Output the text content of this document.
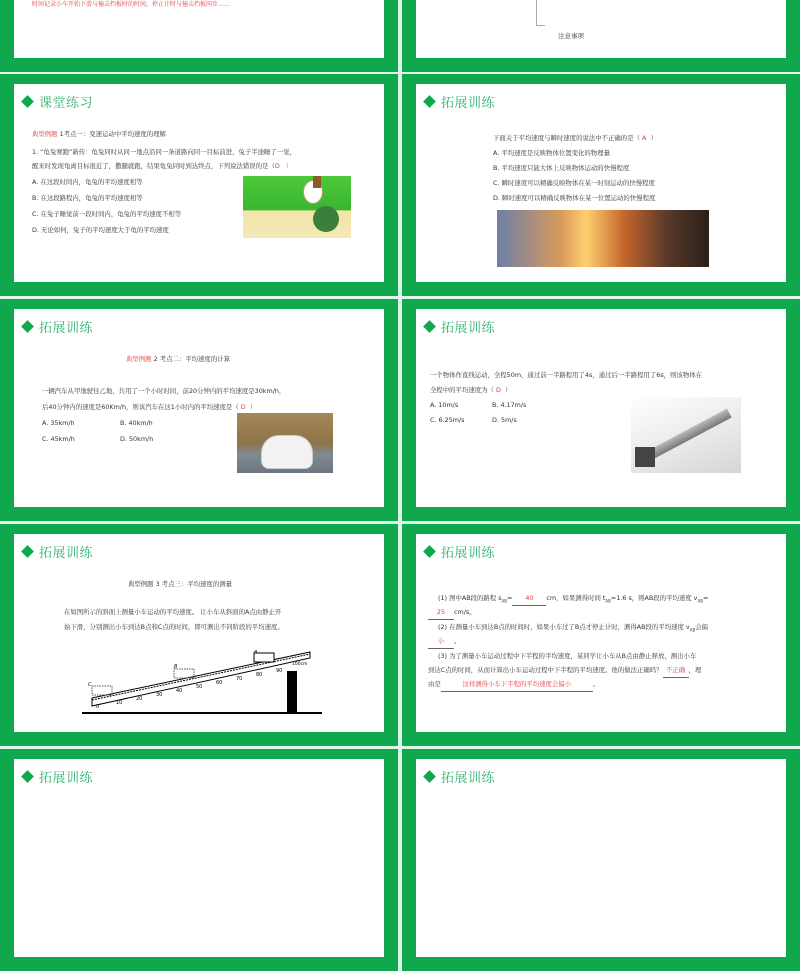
时间记录小车开始下滑与撞击挡板时的时间，停止计时与撞击挡板同步……
注意事项
课堂练习
典型例题 1考点一：变速运动中平均速度的理解
1. “龟兔赛跑”新传：龟兔同时从同一地点沿同一条道路向同一目标前进，兔子半途睡了一觉，
醒来时发现龟离目标很近了，撒腿就跑，结果龟兔同时到达终点，下列说法错误的是（D   ）
A. 在这段时间内，龟兔的平均速度相等
B. 在这段路程内，龟兔的平均速度相等
C. 在兔子睡觉前一段时间内，龟兔的平均速度不相等
D. 无论如何，兔子的平均速度大于龟的平均速度
拓展训练
下面关于平均速度与瞬时速度的说法中不正确的是（ A  ）
A. 平均速度是反映物体位置变化的物理量
B. 平均速度只能大体上反映物体运动的快慢程度
C. 瞬时速度可以精确反映物体在某一时刻运动的快慢程度
D. 瞬时速度可以精确反映物体在某一位置运动的快慢程度
拓展训练
典型例题 2 考点二：平均速度的计算
一辆汽车从甲地驶往乙地，共用了一个小时时间，前20分钟内的平均速度是30km/h，
后40分钟内的速度是60Km/h，则该汽车在这1小时内的平均速度是（ D  ）
A. 35km/h	B. 40km/h
C. 45km/h	D. 50km/h
拓展训练
一个物体作直线运动，全程50m，通过前一半路程用了4s，通过后一半路程用了6s，则该物体在
全程中的平均速度为（ D  ）
A. 10m/s	B. 4.17m/s
C. 6.25m/s	D. 5m/s
拓展训练
典型例题 3 考点三：平均速度的测量
在如图所示的斜面上测量小车运动的平均速度。 让小车从斜面的A点由静止开
始下滑，分别测出小车到达B点和C点的时间，即可测出不同阶段的平均速度。
0
10
20
30
40
50
60
70
80
90
100cm
C
B
A
拓展训练
(1) 图中AB段的路程 $s_{AB}= 40$ cm，如果测得时间 $t_{AB}=1.6$ s，则AB段的平均速度 $v_{AB}=$
25 cm/s。
(2) 在测量小车到达B点的时间时，如果小车过了B点才停止计时，测得AB段的平均速度 $v_{AB}$会偏
小 。
(3) 为了测量小车运动过程中下半程的平均速度，某同学让小车从B点由静止释放，测出小车
到达C点的时间，从而计算出小车运动过程中下半程的平均速度。他的做法正确吗？ 不正确 ，理
由是	这样测得小车下半程的平均速度会偏小	。
拓展训练	拓展训练
